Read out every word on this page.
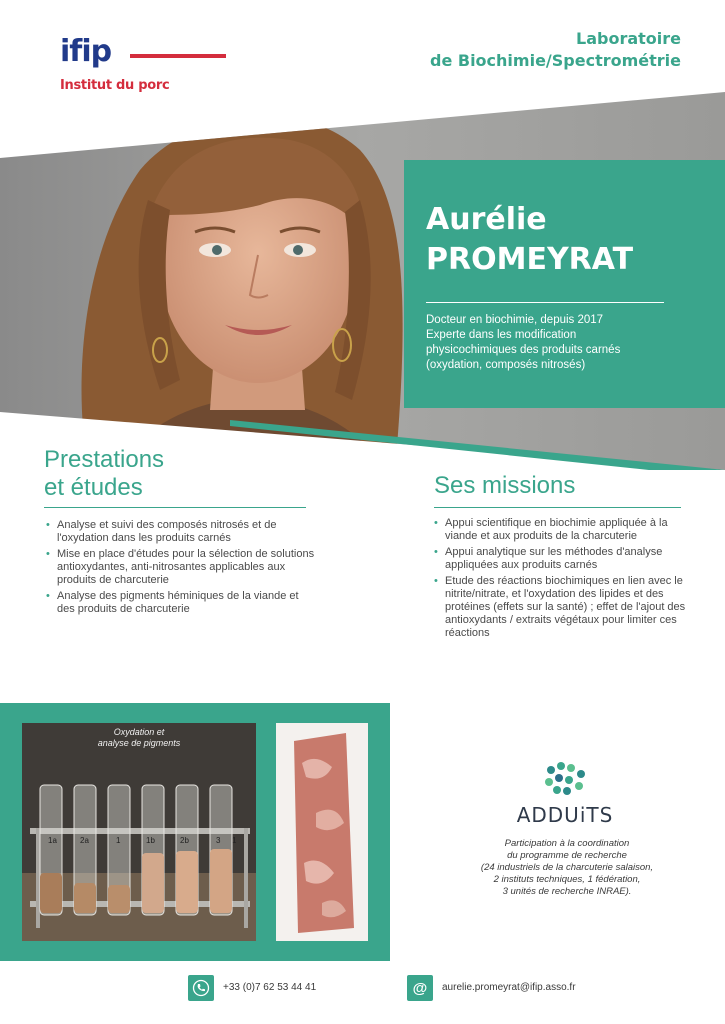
ifip
Institut du porc
Laboratoire
de Biochimie/Spectrométrie
Aurélie
PROMEYRAT
Docteur en biochimie, depuis 2017
Experte dans les modification
physicochimiques des produits carnés
(oxydation, composés nitrosés)
Prestations
et études
• Analyse et suivi des composés nitrosés et de l'oxydation dans les produits carnés
• Mise en place d'études pour la sélection de solutions antioxydantes, anti-nitrosantes applicables aux produits de charcuterie
• Analyse des pigments héminiques de la viande et des produits de charcuterie
Ses missions
• Appui scientifique en biochimie appliquée à la viande et aux produits de la charcuterie
• Appui analytique sur les méthodes d'analyse appliquées aux produits carnés
• Etude des réactions biochimiques en lien avec le nitrite/nitrate, et l'oxydation des lipides et des protéines (effets sur la santé) ; effet de l'ajout des antioxydants / extraits végétaux pour limiter ces réactions
1a	2a	1	1b	2b	3 1
Oxydation et
analyse de pigments
ADDUiTS
Participation à la coordination
du programme de recherche
(24 industriels de la charcuterie salaison,
2 instituts techniques, 1 fédération,
3 unités de recherche INRAE).
+33 (0)7 62 53 44 41	@	aurelie.promeyrat@ifip.asso.fr
